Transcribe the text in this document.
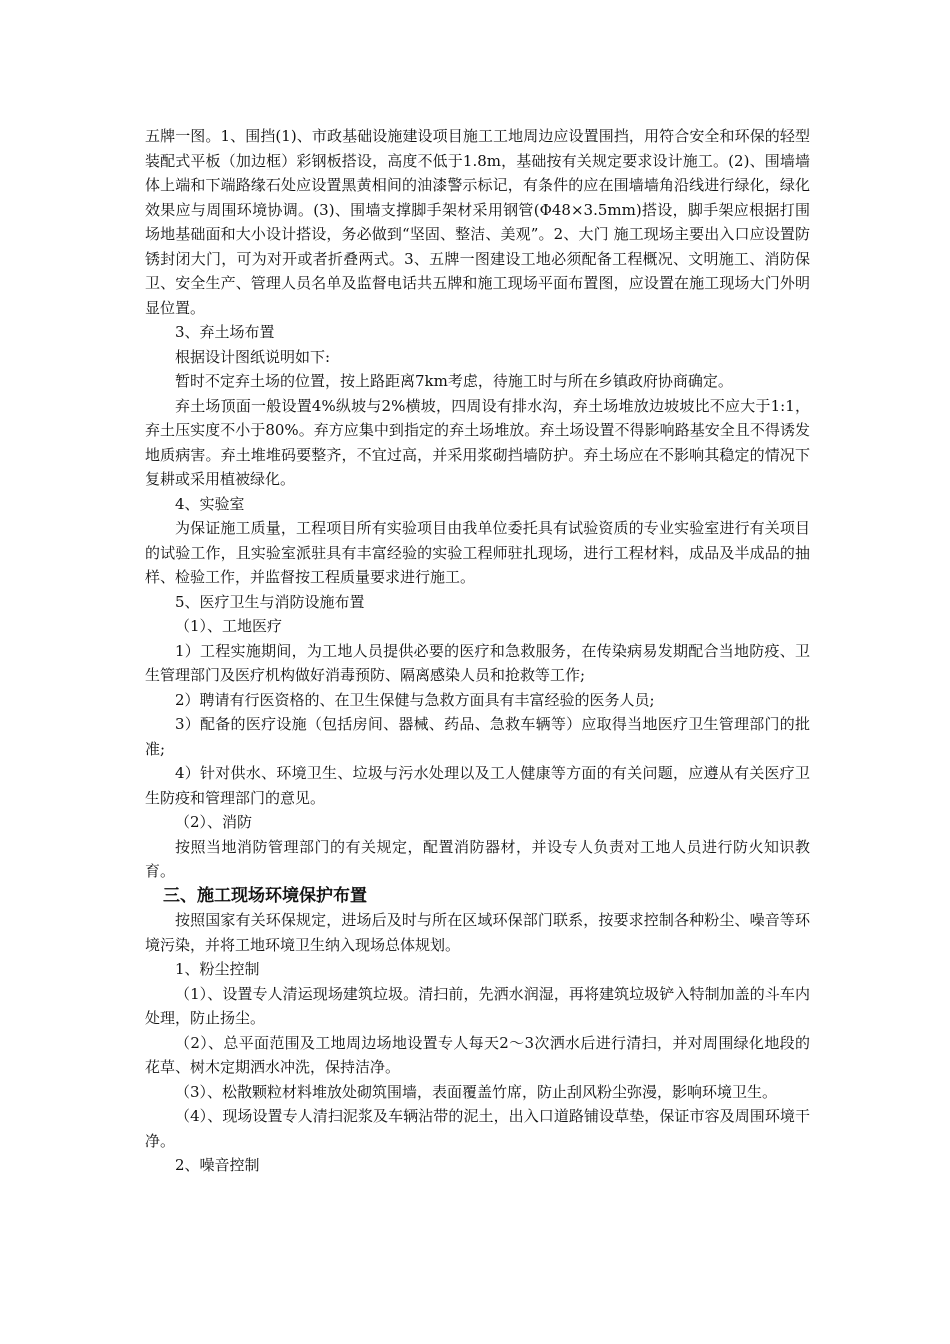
五牌一图。1、围挡(1)、市政基础设施建设项目施工工地周边应设置围挡，用符合安全和环保的轻型装配式平板（加边框）彩钢板搭设，高度不低于1.8m，基础按有关规定要求设计施工。(2)、围墙墙体上端和下端路缘石处应设置黑黄相间的油漆警示标记，有条件的应在围墙墙角沿线进行绿化，绿化效果应与周围环境协调。(3)、围墙支撑脚手架材采用钢管(Φ48×3.5mm)搭设，脚手架应根据打围场地基础面和大小设计搭设，务必做到“坚固、整洁、美观”。2、大门 施工现场主要出入口应设置防锈封闭大门，可为对开或者折叠两式。3、五牌一图建设工地必须配备工程概况、文明施工、消防保卫、安全生产、管理人员名单及监督电话共五牌和施工现场平面布置图，应设置在施工现场大门外明显位置。

3、弃土场布置

根据设计图纸说明如下:

暂时不定弃土场的位置，按上路距离7km考虑，待施工时与所在乡镇政府协商确定。

弃土场顶面一般设置4%纵坡与2%横坡，四周设有排水沟，弃土场堆放边坡坡比不应大于1:1，弃土压实度不小于80%。弃方应集中到指定的弃土场堆放。弃土场设置不得影响路基安全且不得诱发地质病害。弃土堆堆码要整齐，不宜过高，并采用浆砌挡墙防护。弃土场应在不影响其稳定的情况下复耕或采用植被绿化。

4、实验室

为保证施工质量，工程项目所有实验项目由我单位委托具有试验资质的专业实验室进行有关项目的试验工作，且实验室派驻具有丰富经验的实验工程师驻扎现场，进行工程材料，成品及半成品的抽样、检验工作，并监督按工程质量要求进行施工。

5、医疗卫生与消防设施布置

（1）、工地医疗

1）工程实施期间，为工地人员提供必要的医疗和急救服务，在传染病易发期配合当地防疫、卫生管理部门及医疗机构做好消毒预防、隔离感染人员和抢救等工作;

2）聘请有行医资格的、在卫生保健与急救方面具有丰富经验的医务人员;

3）配备的医疗设施（包括房间、器械、药品、急救车辆等）应取得当地医疗卫生管理部门的批准;

4）针对供水、环境卫生、垃圾与污水处理以及工人健康等方面的有关问题，应遵从有关医疗卫生防疫和管理部门的意见。

（2）、消防

按照当地消防管理部门的有关规定，配置消防器材，并设专人负责对工地人员进行防火知识教育。

三、施工现场环境保护布置

按照国家有关环保规定，进场后及时与所在区域环保部门联系，按要求控制各种粉尘、噪音等环境污染，并将工地环境卫生纳入现场总体规划。

1、粉尘控制

（1）、设置专人清运现场建筑垃圾。清扫前，先洒水润湿，再将建筑垃圾铲入特制加盖的斗车内处理，防止扬尘。

（2）、总平面范围及工地周边场地设置专人每天2～3次洒水后进行清扫，并对周围绿化地段的花草、树木定期洒水冲洗，保持洁净。

（3）、松散颗粒材料堆放处砌筑围墙，表面覆盖竹席，防止刮风粉尘弥漫，影响环境卫生。

（4）、现场设置专人清扫泥浆及车辆沾带的泥土，出入口道路铺设草垫，保证市容及周围环境干净。

2、噪音控制
